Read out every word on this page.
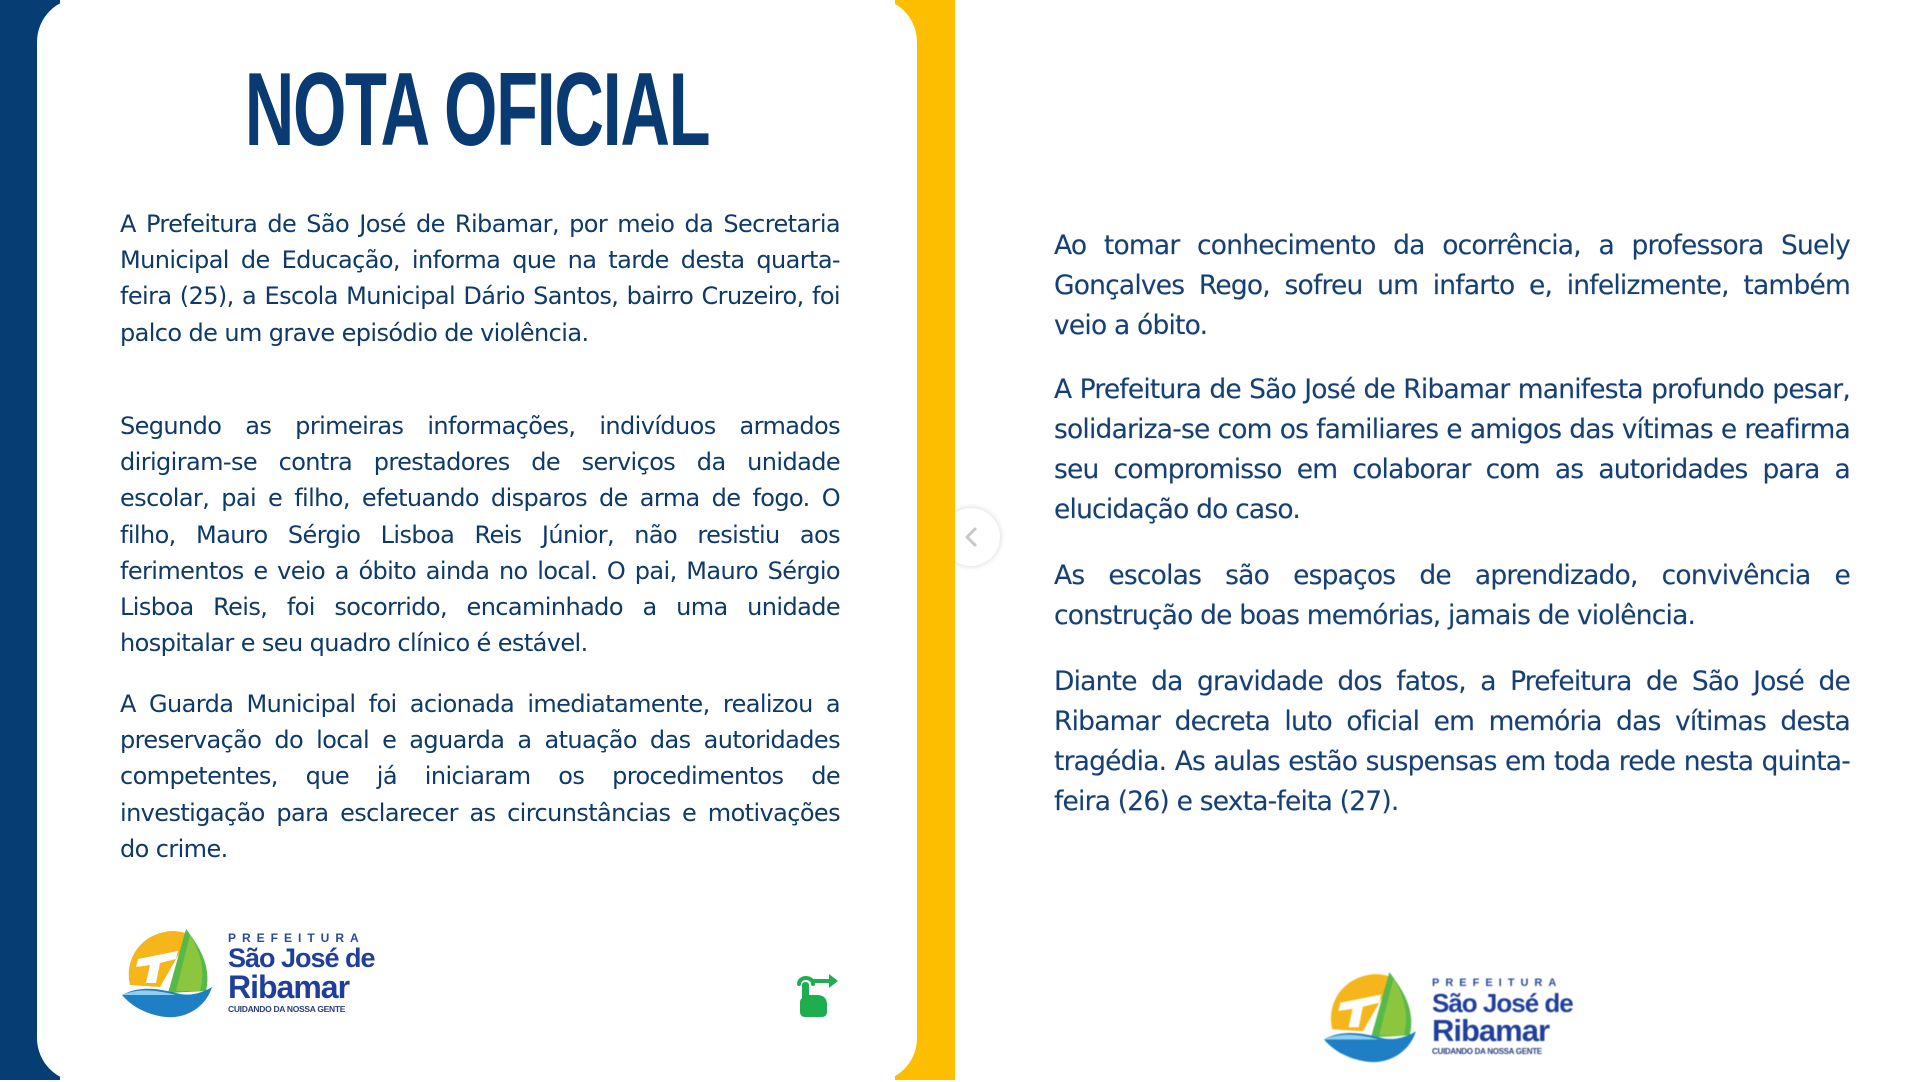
NOTA OFICIAL

A Prefeitura de São José de Ribamar, por meio da Secretaria Municipal de Educação, informa que na tarde desta quarta-feira (25), a Escola Municipal Dário Santos, bairro Cruzeiro, foi palco de um grave episódio de violência.

Segundo as primeiras informações, indivíduos armados dirigiram-se contra prestadores de serviços da unidade escolar, pai e filho, efetuando disparos de arma de fogo. O filho, Mauro Sérgio Lisboa Reis Júnior, não resistiu aos ferimentos e veio a óbito ainda no local. O pai, Mauro Sérgio Lisboa Reis, foi socorrido, encaminhado a uma unidade hospitalar e seu quadro clínico é estável.

A Guarda Municipal foi acionada imediatamente, realizou a preservação do local e aguarda a atuação das autoridades competentes, que já iniciaram os procedimentos de investigação para esclarecer as circunstâncias e motivações do crime.

PREFEITURA
São José de
Ribamar
CUIDANDO DA NOSSA GENTE

Ao tomar conhecimento da ocorrência, a professora Suely Gonçalves Rego, sofreu um infarto e, infelizmente, também veio a óbito.

A Prefeitura de São José de Ribamar manifesta profundo pesar, solidariza-se com os familiares e amigos das vítimas e reafirma seu compromisso em colaborar com as autoridades para a elucidação do caso.

As escolas são espaços de aprendizado, convivência e construção de boas memórias, jamais de violência.

Diante da gravidade dos fatos, a Prefeitura de São José de Ribamar decreta luto oficial em memória das vítimas desta tragédia. As aulas estão suspensas em toda rede nesta quinta-feira (26) e sexta-feita (27).

PREFEITURA
São José de
Ribamar
CUIDANDO DA NOSSA GENTE
